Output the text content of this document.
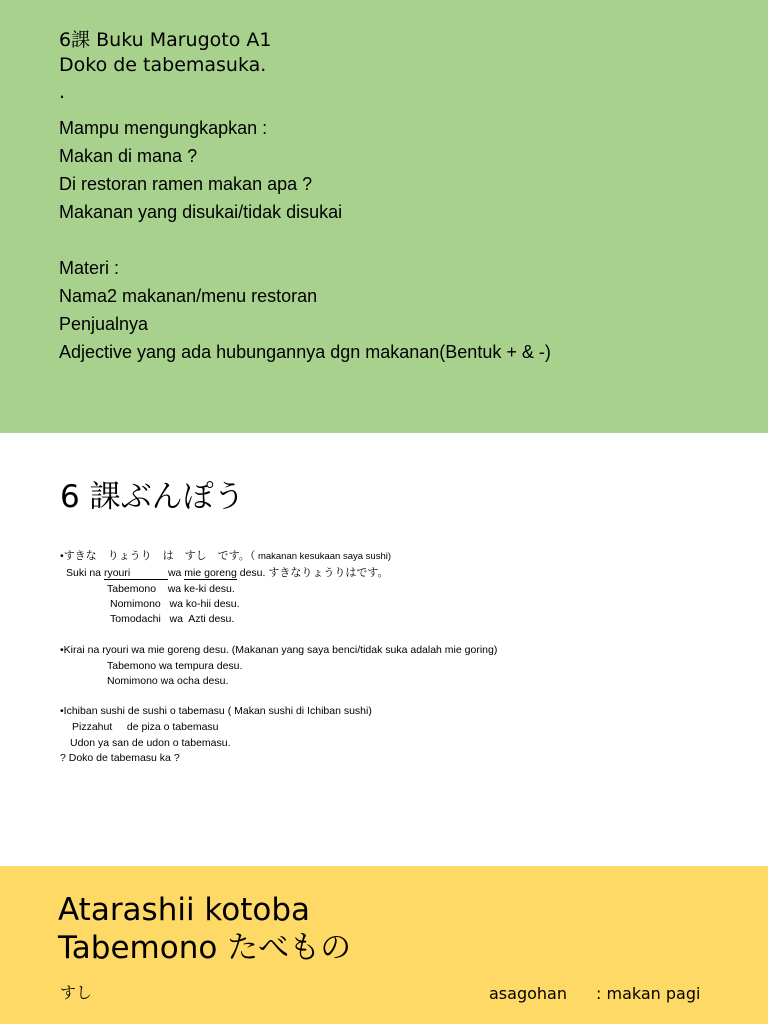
6課 Buku Marugoto A1
Doko de tabemasuka.
.
Mampu mengungkapkan :
Makan di mana ?
Di restoran ramen makan apa ?
Makanan yang disukai/tidak disukai
Materi :
Nama2 makanan/menu restoran
Penjualnya
Adjective yang ada hubungannya dgn makanan(Bentuk + & -)
6 課ぶんぽう
•すきな　りょうり　は　すし　です。（ makanan kesukaan saya sushi)
Suki na ryouri	wa mie goreng desu. すきなりょうりはです。
Tabemono    wa ke-ki desu.
Nomimono   wa ko-hii desu.
Tomodachi   wa  Azti desu.
•Kirai na ryouri wa mie goreng desu. (Makanan yang saya benci/tidak suka adalah mie goring)
Tabemono wa tempura desu.
Nomimono wa ocha desu.
•Ichiban sushi de sushi o tabemasu ( Makan sushi di Ichiban sushi)
Pizzahut     de piza o tabemasu
Udon ya san de udon o tabemasu.
? Doko de tabemasu ka ?
Atarashii kotoba
Tabemono たべもの
すし	asagohan : makan pagi
